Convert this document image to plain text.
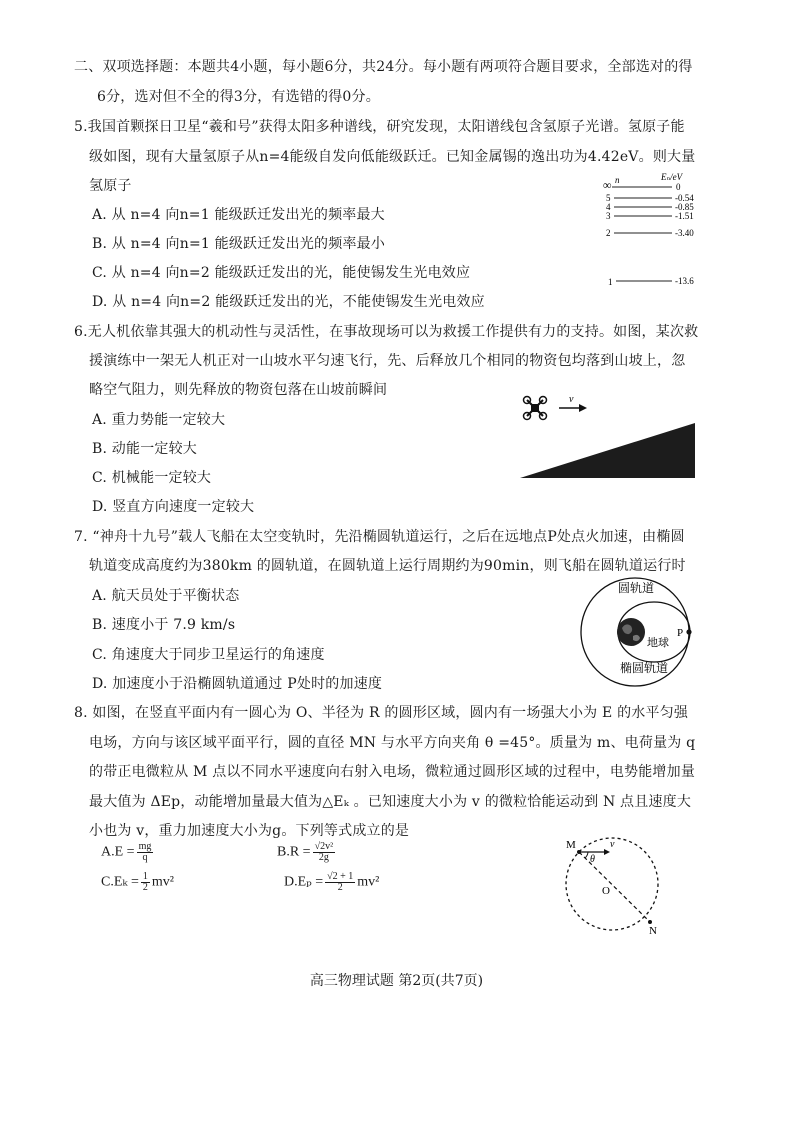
二、双项选择题：本题共4小题，每小题6分，共24分。每小题有两项符合题目要求，全部选对的得
6分，选对但不全的得3分，有选错的得0分。
5.我国首颗探日卫星“羲和号”获得太阳多种谱线，研究发现，太阳谱线包含氢原子光谱。氢原子能
级如图，现有大量氢原子从n=4能级自发向低能级跃迁。已知金属锡的逸出功为4.42eV。则大量
氢原子
A. 从 n=4 向n=1 能级跃迁发出光的频率最大
B. 从 n=4 向n=1 能级跃迁发出光的频率最小
C. 从 n=4 向n=2 能级跃迁发出的光，能使锡发生光电效应
D. 从 n=4 向n=2 能级跃迁发出的光，不能使锡发生光电效应
∞ n	Eₙ/eV
0
5	-0.54
4	-0.85
3	-1.51
2	-3.40
1	-13.6
6.无人机依靠其强大的机动性与灵活性，在事故现场可以为救援工作提供有力的支持。如图，某次救
援演练中一架无人机正对一山坡水平匀速飞行，先、后释放几个相同的物资包均落到山坡上，忽
略空气阻力，则先释放的物资包落在山坡前瞬间
A. 重力势能一定较大
B. 动能一定较大
C. 机械能一定较大
D. 竖直方向速度一定较大
v
7. “神舟十九号”载人飞船在太空变轨时，先沿椭圆轨道运行，之后在远地点P处点火加速，由椭圆
轨道变成高度约为380km 的圆轨道，在圆轨道上运行周期约为90min，则飞船在圆轨道运行时
A. 航天员处于平衡状态
B. 速度小于 7.9 km/s
C. 角速度大于同步卫星运行的角速度
D. 加速度小于沿椭圆轨道通过 P处时的加速度
圆轨道
地球
P
椭圆轨道
8. 如图，在竖直平面内有一圆心为 O、半径为 R 的圆形区域，圆内有一场强大小为 E 的水平匀强
电场，方向与该区域平面平行，圆的直径 MN 与水平方向夹角 θ =45°。质量为 m、电荷量为 q
的带正电微粒从 M 点以不同水平速度向右射入电场，微粒通过圆形区域的过程中，电势能增加量
最大值为 ΔEp，动能增加量最大值为△Eₖ 。已知速度大小为 v 的微粒恰能运动到 N 点且速度大
小也为 v，重力加速度大小为g。下列等式成立的是
$A.E = \frac{mg}{q}$	$B.R = \frac{\text{√2v²}}{2g}$
$C.E_k = \frac{1}{2} mv^2$	$D.E_p = \frac{√2 + 1}{2} mv^2$
M	v
θ
O
N
高三物理试题 第2页(共7页)
